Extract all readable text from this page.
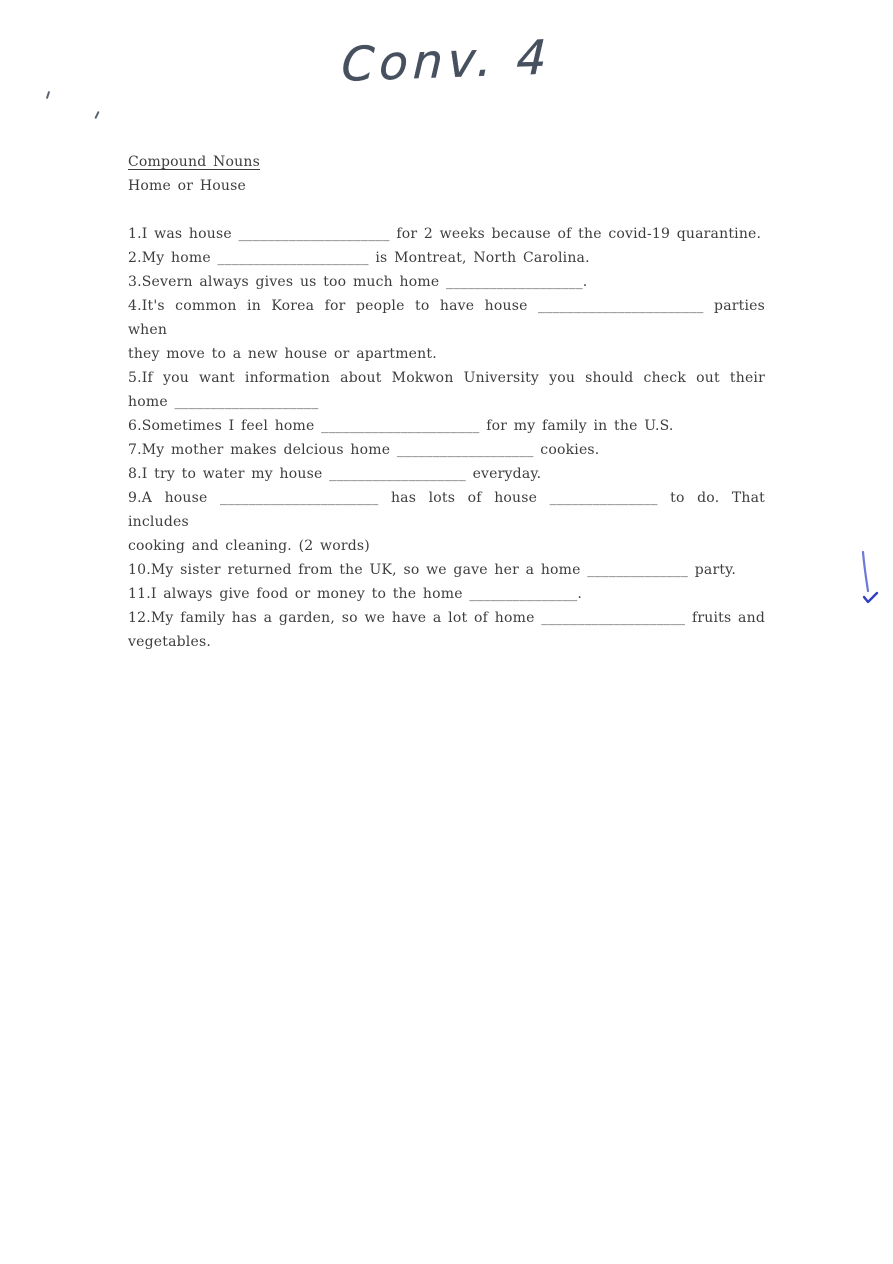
Conv. 4
Compound Nouns
Home or House
1.I was house _____________________ for 2 weeks because of the covid-19 quarantine.
2.My home _____________________ is Montreat, North Carolina.
3.Severn always gives us too much home ___________________.
4.It's common in Korea for people to have house _______________________ parties when
they move to a new house or apartment.
5.If you want information about Mokwon University you should check out their
home ____________________
6.Sometimes I feel home ______________________ for my family in the U.S.
7.My mother makes delcious home ___________________ cookies.
8.I try to water my house ___________________ everyday.
9.A house ______________________ has lots of house _______________ to do. That includes
cooking and cleaning. (2 words)
10.My sister returned from the UK, so we gave her a home ______________ party.
11.I always give food or money to the home _______________.
12.My family has a garden, so we have a lot of home ____________________ fruits and
vegetables.
